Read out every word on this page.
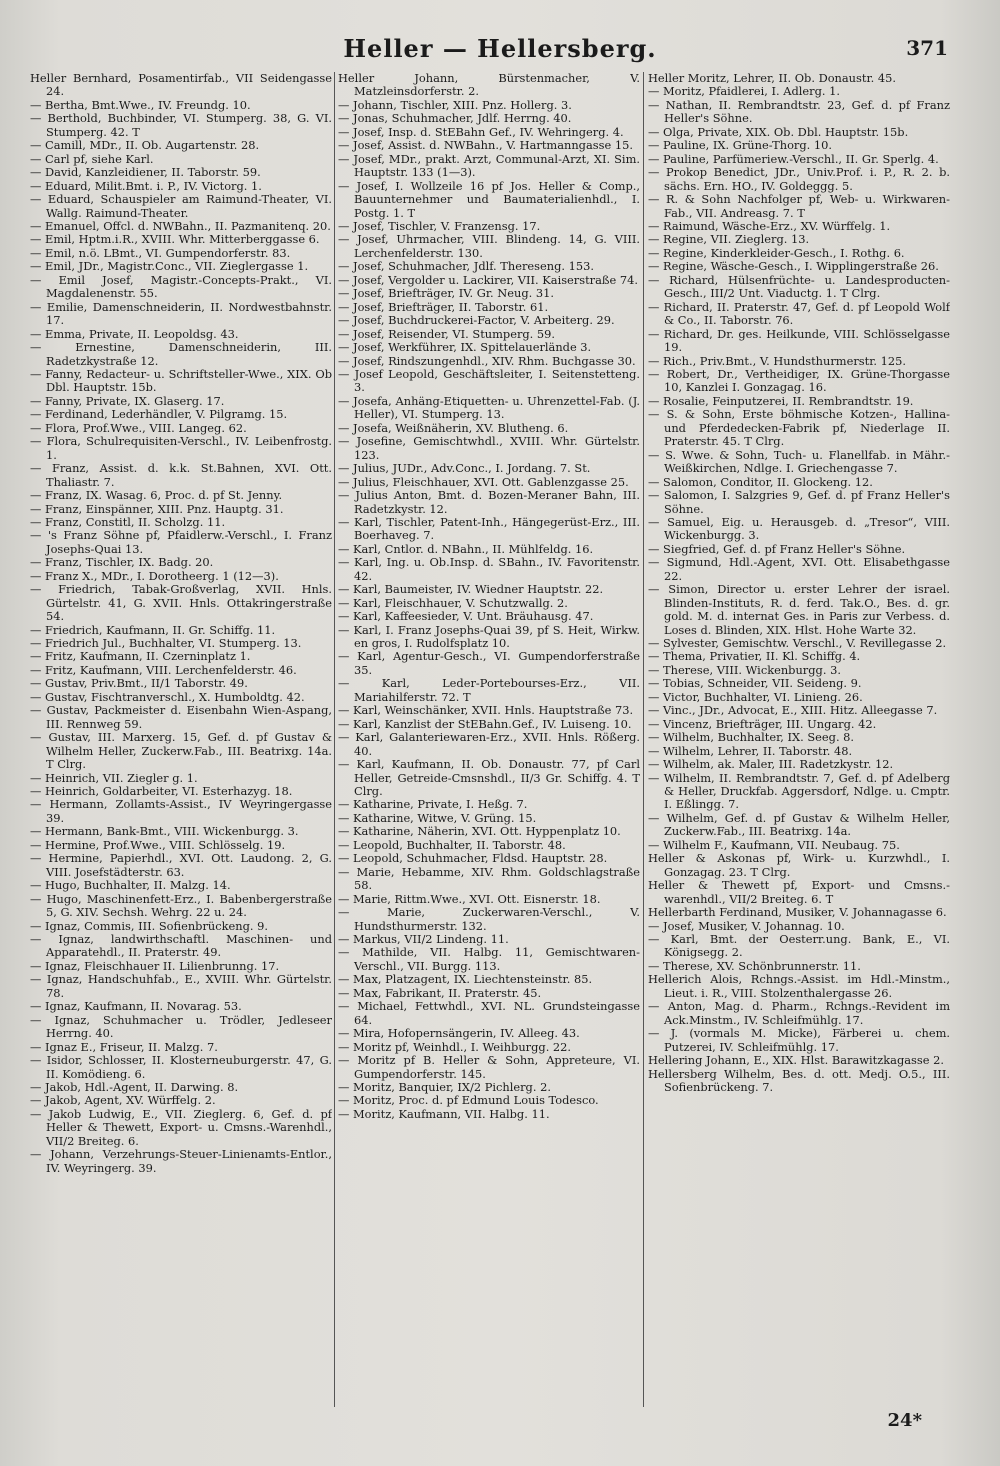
Heller — Hellersberg.	371
Heller Bernhard, Posamentirfab., VII Seidengasse 24.
— Bertha, Bmt.Wwe., IV. Freundg. 10.
— Berthold, Buchbinder, VI. Stumperg. 38, G. VI. Stumperg. 42. T
— Camill, MDr., II. Ob. Augartenstr. 28.
— Carl pf, siehe Karl.
— David, Kanzleidiener, II. Taborstr. 59.
— Eduard, Milit.Bmt. i. P., IV. Victorg. 1.
— Eduard, Schauspieler am Raimund-Theater, VI. Wallg. Raimund-Theater.
— Emanuel, Offcl. d. NWBahn., II. Pazmanitenq. 20.
— Emil, Hptm.i.R., XVIII. Whr. Mitterberggasse 6.
— Emil, n.ö. LBmt., VI. Gumpendorferstr. 83.
— Emil, JDr., Magistr.Conc., VII. Zieglergasse 1.
— Emil Josef, Magistr.-Concepts-Prakt., VI. Magdalenenstr. 55.
— Emilie, Damenschneiderin, II. Nordwestbahnstr. 17.
— Emma, Private, II. Leopoldsg. 43.
— Ernestine, Damenschneiderin, III. Radetzkystraße 12.
— Fanny, Redacteur- u. Schriftsteller-Wwe., XIX. Ob Dbl. Hauptstr. 15b.
— Fanny, Private, IX. Glaserg. 17.
— Ferdinand, Lederhändler, V. Pilgramg. 15.
— Flora, Prof.Wwe., VIII. Langeg. 62.
— Flora, Schulrequisiten-Verschl., IV. Leibenfrostg. 1.
— Franz, Assist. d. k.k. St.Bahnen, XVI. Ott. Thaliastr. 7.
— Franz, IX. Wasag. 6, Proc. d. pf St. Jenny.
— Franz, Einspänner, XIII. Pnz. Hauptg. 31.
— Franz, Constitl, II. Scholzg. 11.
— 's Franz Söhne pf, Pfaidlerw.-Verschl., I. Franz Josephs-Quai 13.
— Franz, Tischler, IX. Badg. 20.
— Franz X., MDr., I. Dorotheerg. 1 (12—3).
— Friedrich, Tabak-Großverlag, XVII. Hnls. Gürtelstr. 41, G. XVII. Hnls. Ottakringerstraße 54.
— Friedrich, Kaufmann, II. Gr. Schiffg. 11.
— Friedrich Jul., Buchhalter, VI. Stumperg. 13.
— Fritz, Kaufmann, II. Czerninplatz 1.
— Fritz, Kaufmann, VIII. Lerchenfelderstr. 46.
— Gustav, Priv.Bmt., II/1 Taborstr. 49.
— Gustav, Fischtranverschl., X. Humboldtg. 42.
— Gustav, Packmeister d. Eisenbahn Wien-Aspang, III. Rennweg 59.
— Gustav, III. Marxerg. 15, Gef. d. pf Gustav & Wilhelm Heller, Zuckerw.Fab., III. Beatrixg. 14a. T Clrg.
— Heinrich, VII. Ziegler g. 1.
— Heinrich, Goldarbeiter, VI. Esterhazyg. 18.
— Hermann, Zollamts-Assist., IV Weyringergasse 39.
— Hermann, Bank-Bmt., VIII. Wickenburgg. 3.
— Hermine, Prof.Wwe., VIII. Schlösselg. 19.
— Hermine, Papierhdl., XVI. Ott. Laudong. 2, G. VIII. Josefstädterstr. 63.
— Hugo, Buchhalter, II. Malzg. 14.
— Hugo, Maschinenfett-Erz., I. Babenbergerstraße 5, G. XIV. Sechsh. Wehrg. 22 u. 24.
— Ignaz, Commis, III. Sofienbrückeng. 9.
— Ignaz, landwirthschaftl. Maschinen- und Apparatehdl., II. Praterstr. 49.
— Ignaz, Fleischhauer II. Lilienbrunng. 17.
— Ignaz, Handschuhfab., E., XVIII. Whr. Gürtelstr. 78.
— Ignaz, Kaufmann, II. Novarag. 53.
— Ignaz, Schuhmacher u. Trödler, Jedleseer Herrng. 40.
— Ignaz E., Friseur, II. Malzg. 7.
— Isidor, Schlosser, II. Klosterneuburgerstr. 47, G. II. Komödieng. 6.
— Jakob, Hdl.-Agent, II. Darwing. 8.
— Jakob, Agent, XV. Würffelg. 2.
— Jakob Ludwig, E., VII. Zieglerg. 6, Gef. d. pf Heller & Thewett, Export- u. Cmsns.-Warenhdl., VII/2 Breiteg. 6.
— Johann, Verzehrungs-Steuer-Linienamts-Entlor., IV. Weyringerg. 39.
Heller Johann, Bürstenmacher, V. Matzleinsdorferstr. 2.
— Johann, Tischler, XIII. Pnz. Hollerg. 3.
— Jonas, Schuhmacher, Jdlf. Herrng. 40.
— Josef, Insp. d. StEBahn Gef., IV. Wehringerg. 4.
— Josef, Assist. d. NWBahn., V. Hartmanngasse 15.
— Josef, MDr., prakt. Arzt, Communal-Arzt, XI. Sim. Hauptstr. 133 (1—3).
— Josef, I. Wollzeile 16 pf Jos. Heller & Comp., Bauunternehmer und Baumaterialienhdl., I. Postg. 1. T
— Josef, Tischler, V. Franzensg. 17.
— Josef, Uhrmacher, VIII. Blindeng. 14, G. VIII. Lerchenfelderstr. 130.
— Josef, Schuhmacher, Jdlf. Thereseng. 153.
— Josef, Vergolder u. Lackirer, VII. Kaiserstraße 74.
— Josef, Briefträger, IV. Gr. Neug. 31.
— Josef, Briefträger, II. Taborstr. 61.
— Josef, Buchdruckerei-Factor, V. Arbeiterg. 29.
— Josef, Reisender, VI. Stumperg. 59.
— Josef, Werkführer, IX. Spittelauerlände 3.
— Josef, Rindszungenhdl., XIV. Rhm. Buchgasse 30.
— Josef Leopold, Geschäftsleiter, I. Seitenstetteng. 3.
— Josefa, Anhäng-Etiquetten- u. Uhrenzettel-Fab. (J. Heller), VI. Stumperg. 13.
— Josefa, Weißnäherin, XV. Blutheng. 6.
— Josefine, Gemischtwhdl., XVIII. Whr. Gürtelstr. 123.
— Julius, JUDr., Adv.Conc., I. Jordang. 7. St.
— Julius, Fleischhauer, XVI. Ott. Gablenzgasse 25.
— Julius Anton, Bmt. d. Bozen-Meraner Bahn, III. Radetzkystr. 12.
— Karl, Tischler, Patent-Inh., Hängegerüst-Erz., III. Boerhaveg. 7.
— Karl, Cntlor. d. NBahn., II. Mühlfeldg. 16.
— Karl, Ing. u. Ob.Insp. d. SBahn., IV. Favoritenstr. 42.
— Karl, Baumeister, IV. Wiedner Hauptstr. 22.
— Karl, Fleischhauer, V. Schutzwallg. 2.
— Karl, Kaffeesieder, V. Unt. Bräuhausg. 47.
— Karl, I. Franz Josephs-Quai 39, pf S. Heit, Wirkw. en gros, I. Rudolfsplatz 10.
— Karl, Agentur-Gesch., VI. Gumpendorferstraße 35.
— Karl, Leder-Portebourses-Erz., VII. Mariahilferstr. 72. T
— Karl, Weinschänker, XVII. Hnls. Hauptstraße 73.
— Karl, Kanzlist der StEBahn.Gef., IV. Luiseng. 10.
— Karl, Galanteriewaren-Erz., XVII. Hnls. Rößerg. 40.
— Karl, Kaufmann, II. Ob. Donaustr. 77, pf Carl Heller, Getreide-Cmsnshdl., II/3 Gr. Schiffg. 4. T Clrg.
— Katharine, Private, I. Heßg. 7.
— Katharine, Witwe, V. Grüng. 15.
— Katharine, Näherin, XVI. Ott. Hyppenplatz 10.
— Leopold, Buchhalter, II. Taborstr. 48.
— Leopold, Schuhmacher, Fldsd. Hauptstr. 28.
— Marie, Hebamme, XIV. Rhm. Goldschlagstraße 58.
— Marie, Rittm.Wwe., XVI. Ott. Eisnerstr. 18.
— Marie, Zuckerwaren-Verschl., V. Hundsthurmerstr. 132.
— Markus, VII/2 Lindeng. 11.
— Mathilde, VII. Halbg. 11, Gemischtwaren-Verschl., VII. Burgg. 113.
— Max, Platzagent, IX. Liechtensteinstr. 85.
— Max, Fabrikant, II. Praterstr. 45.
— Michael, Fettwhdl., XVI. NL. Grundsteingasse 64.
— Mira, Hofopernsängerin, IV. Alleeg. 43.
— Moritz pf, Weinhdl., I. Weihburgg. 22.
— Moritz pf B. Heller & Sohn, Appreteure, VI. Gumpendorferstr. 145.
— Moritz, Banquier, IX/2 Pichlerg. 2.
— Moritz, Proc. d. pf Edmund Louis Todesco.
— Moritz, Kaufmann, VII. Halbg. 11.
Heller Moritz, Lehrer, II. Ob. Donaustr. 45.
— Moritz, Pfaidlerei, I. Adlerg. 1.
— Nathan, II. Rembrandtstr. 23, Gef. d. pf Franz Heller's Söhne.
— Olga, Private, XIX. Ob. Dbl. Hauptstr. 15b.
— Pauline, IX. Grüne-Thorg. 10.
— Pauline, Parfümeriew.-Verschl., II. Gr. Sperlg. 4.
— Prokop Benedict, JDr., Univ.Prof. i. P., R. 2. b. sächs. Ern. HO., IV. Goldeggg. 5.
— R. & Sohn Nachfolger pf, Web- u. Wirkwaren-Fab., VII. Andreasg. 7. T
— Raimund, Wäsche-Erz., XV. Würffelg. 1.
— Regine, VII. Zieglerg. 13.
— Regine, Kinderkleider-Gesch., I. Rothg. 6.
— Regine, Wäsche-Gesch., I. Wipplingerstraße 26.
— Richard, Hülsenfrüchte- u. Landesproducten-Gesch., III/2 Unt. Viaductg. 1. T Clrg.
— Richard, II. Praterstr. 47, Gef. d. pf Leopold Wolf & Co., II. Taborstr. 76.
— Richard, Dr. ges. Heilkunde, VIII. Schlösselgasse 19.
— Rich., Priv.Bmt., V. Hundsthurmerstr. 125.
— Robert, Dr., Vertheidiger, IX. Grüne-Thorgasse 10, Kanzlei I. Gonzagag. 16.
— Rosalie, Feinputzerei, II. Rembrandtstr. 19.
— S. & Sohn, Erste böhmische Kotzen-, Hallina- und Pferdedecken-Fabrik pf, Niederlage II. Praterstr. 45. T Clrg.
— S. Wwe. & Sohn, Tuch- u. Flanellfab. in Mähr.-Weißkirchen, Ndlge. I. Griechengasse 7.
— Salomon, Conditor, II. Glockeng. 12.
— Salomon, I. Salzgries 9, Gef. d. pf Franz Heller's Söhne.
— Samuel, Eig. u. Herausgeb. d. „Tresor“, VIII. Wickenburgg. 3.
— Siegfried, Gef. d. pf Franz Heller's Söhne.
— Sigmund, Hdl.-Agent, XVI. Ott. Elisabethgasse 22.
— Simon, Director u. erster Lehrer der israel. Blinden-Instituts, R. d. ferd. Tak.O., Bes. d. gr. gold. M. d. internat Ges. in Paris zur Verbess. d. Loses d. Blinden, XIX. Hlst. Hohe Warte 32.
— Sylvester, Gemischtw. Verschl., V. Revillegasse 2.
— Thema, Privatier, II. Kl. Schiffg. 4.
— Therese, VIII. Wickenburgg. 3.
— Tobias, Schneider, VII. Seideng. 9.
— Victor, Buchhalter, VI. Linieng. 26.
— Vinc., JDr., Advocat, E., XIII. Hitz. Alleegasse 7.
— Vincenz, Briefträger, III. Ungarg. 42.
— Wilhelm, Buchhalter, IX. Seeg. 8.
— Wilhelm, Lehrer, II. Taborstr. 48.
— Wilhelm, ak. Maler, III. Radetzkystr. 12.
— Wilhelm, II. Rembrandtstr. 7, Gef. d. pf Adelberg & Heller, Druckfab. Aggersdorf, Ndlge. u. Cmptr. I. Eßlingg. 7.
— Wilhelm, Gef. d. pf Gustav & Wilhelm Heller, Zuckerw.Fab., III. Beatrixg. 14a.
— Wilhelm F., Kaufmann, VII. Neubaug. 75.
Heller & Askonas pf, Wirk- u. Kurzwhdl., I. Gonzagag. 23. T Clrg.
Heller & Thewett pf, Export- und Cmsns.-warenhdl., VII/2 Breiteg. 6. T
Hellerbarth Ferdinand, Musiker, V. Johannagasse 6.
— Josef, Musiker, V. Johannag. 10.
— Karl, Bmt. der Oesterr.ung. Bank, E., VI. Königsegg. 2.
— Therese, XV. Schönbrunnerstr. 11.
Hellerich Alois, Rchngs.-Assist. im Hdl.-Minstm., Lieut. i. R., VIII. Stolzenthalergasse 26.
— Anton, Mag. d. Pharm., Rchngs.-Revident im Ack.Minstm., IV. Schleifmühlg. 17.
— J. (vormals M. Micke), Färberei u. chem. Putzerei, IV. Schleifmühlg. 17.
Hellering Johann, E., XIX. Hlst. Barawitzkagasse 2.
Hellersberg Wilhelm, Bes. d. ott. Medj. O.5., III. Sofienbrückeng. 7.
24*
